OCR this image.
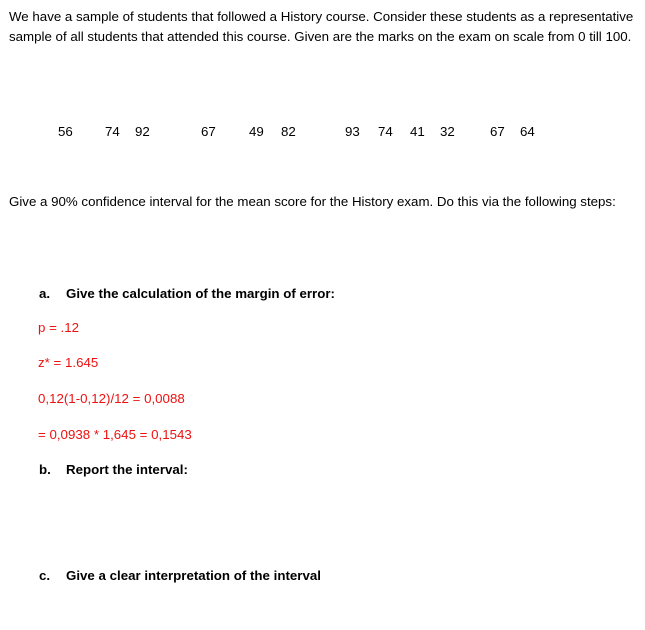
We have a sample of students that followed a History course. Consider these students as a representative sample of all students that attended this course. Given are the marks on the exam on scale from 0 till 100.

56 74 92	67 49 82	93 74 41 32	67 64

Give a 90% confidence interval for the mean score for the History exam. Do this via the following steps:

a. Give the calculation of the margin of error:
p = .12
z* = 1.645
0,12(1-0,12)/12 = 0,0088
= 0,0938 * 1,645 = 0,1543
b. Report the interval:
c. Give a clear interpretation of the interval
